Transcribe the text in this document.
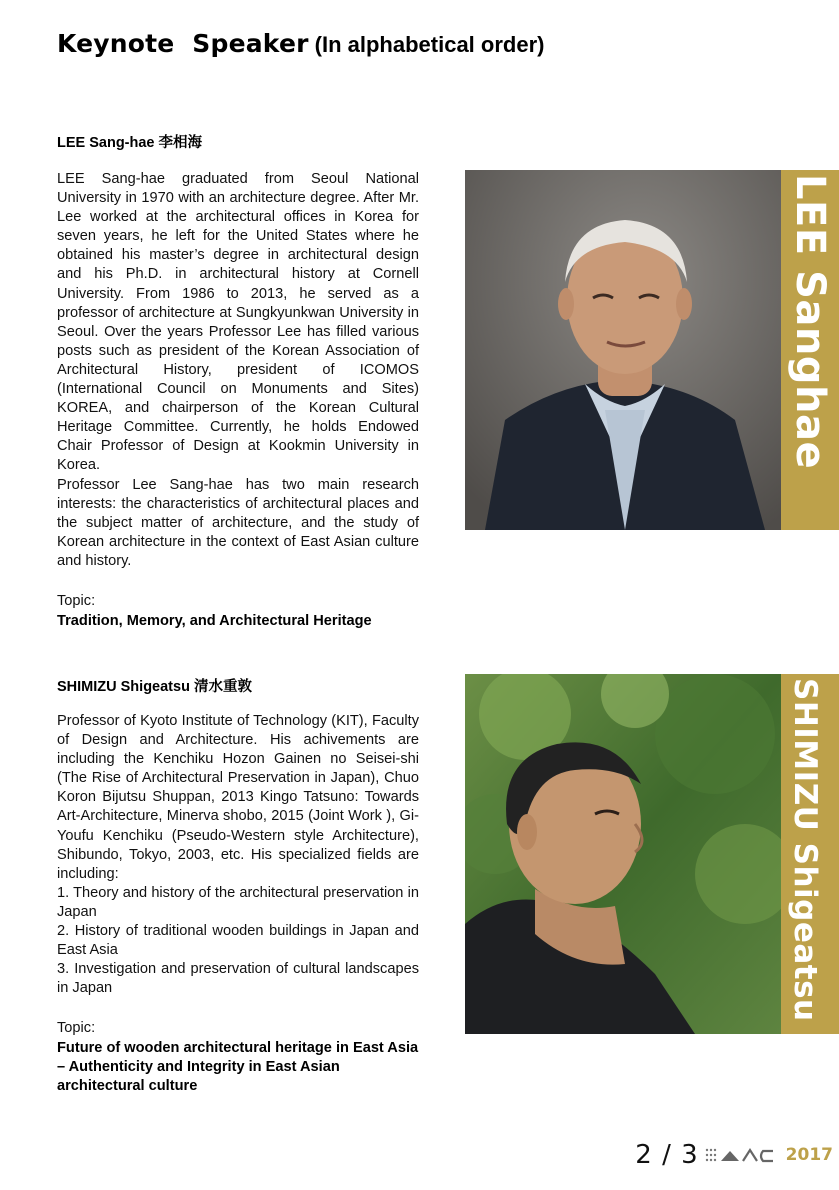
Keynote  Speaker (In alphabetical order)
LEE Sang-hae 李相海

LEE Sang-hae graduated from Seoul National University in 1970 with an architecture degree. After Mr. Lee worked at the architectural offices in Korea for seven years, he left for the United States where he obtained his master’s degree in architectural design and his Ph.D. in architectural history at Cornell University. From 1986 to 2013, he served as a professor of architecture at Sungkyunkwan University in Seoul. Over the years Professor Lee has filled various posts such as president of the Korean Association of Architectural History, president of ICOMOS (International Council on Monuments and Sites) KOREA, and chairperson of the Korean Cultural Heritage Committee. Currently, he holds Endowed Chair Professor of Design at Kookmin University in Korea.

Professor Lee Sang-hae has two main research interests: the characteristics of architectural places and the subject matter of architecture, and the study of Korean architecture in the context of East Asian culture and history.

Topic:
Tradition, Memory, and Architectural Heritage
LEE Sanghae
SHIMIZU Shigeatsu 清水重敦

Professor of Kyoto Institute of Technology (KIT), Faculty of Design and Architecture. His achivements are including the Kenchiku Hozon Gainen no Seisei-shi (The Rise of Architectural Preservation in Japan), Chuo Koron Bijutsu Shuppan, 2013 Kingo Tatsuno: Towards Art-Architecture, Minerva shobo, 2015 (Joint Work ), Gi-Youfu Kenchiku (Pseudo-Western style Architecture), Shibundo, Tokyo, 2003, etc. His specialized fields are including:

1. Theory and history of the architectural preservation in Japan

2. History of traditional wooden buildings in Japan and East Asia

3. Investigation and preservation of cultural landscapes in Japan

Topic:
Future of wooden architectural heritage in East Asia – Authenticity and Integrity in East Asian architectural culture
SHIMIZU Shigeatsu
2 / 3	2017
